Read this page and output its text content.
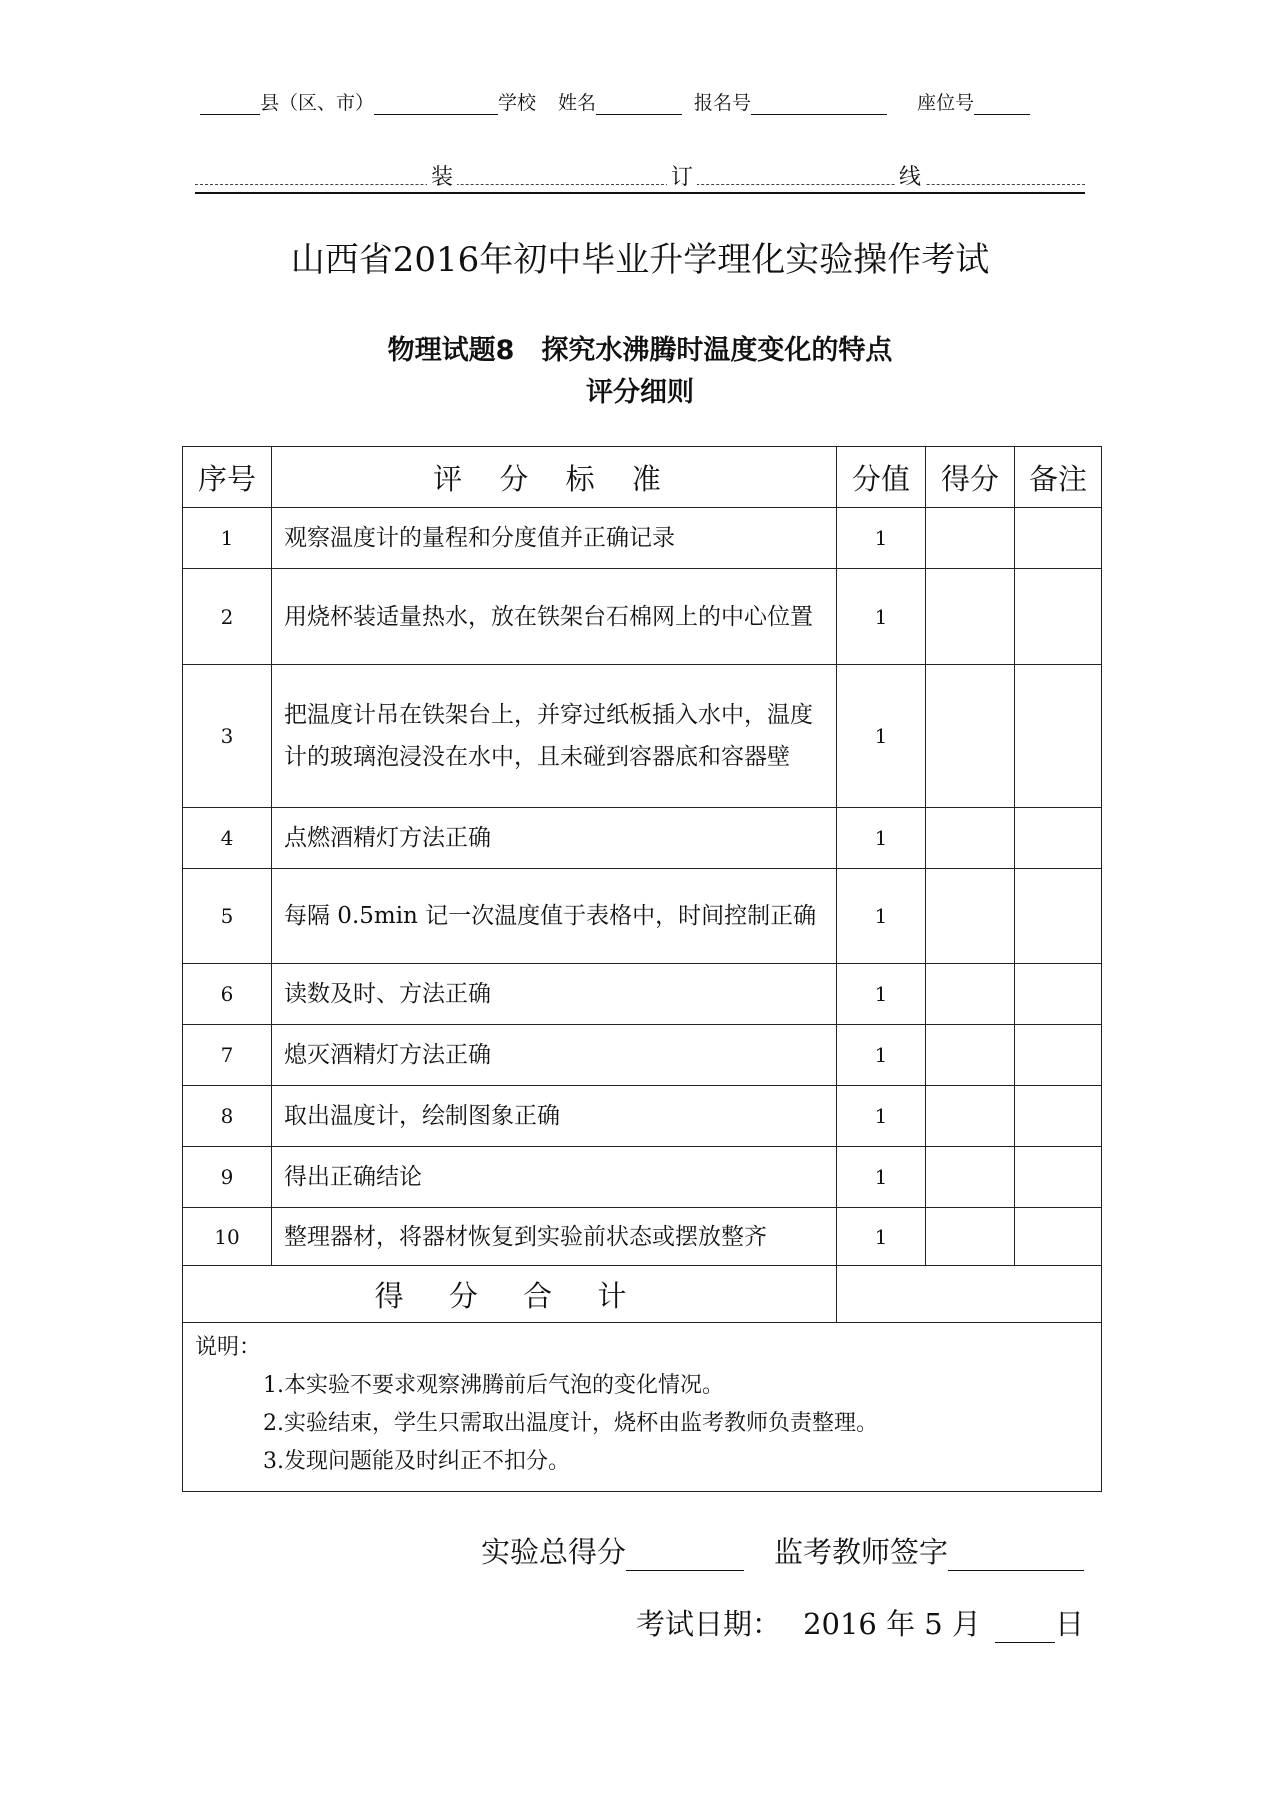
县（区、市）	学校 姓名	报名号	座位号
装	订	线
山西省2016年初中毕业升学理化实验操作考试
物理试题8　探究水沸腾时温度变化的特点
评分细则
序号	评 分 标 准	分值	得分	备注
1	观察温度计的量程和分度值并正确记录	1		
2	用烧杯装适量热水，放在铁架台石棉网上的中心位置	1		
3	把温度计吊在铁架台上，并穿过纸板插入水中，温度计的玻璃泡浸没在水中，且未碰到容器底和容器壁	1		
4	点燃酒精灯方法正确	1		
5	每隔 0.5min 记一次温度值于表格中，时间控制正确	1		
6	读数及时、方法正确	1		
7	熄灭酒精灯方法正确	1		
8	取出温度计，绘制图象正确	1		
9	得出正确结论	1		
10	整理器材，将器材恢复到实验前状态或摆放整齐	1		
得 分 合 计				

说明：
1.本实验不要求观察沸腾前后气泡的变化情况。
2.实验结束，学生只需取出温度计，烧杯由监考教师负责整理。
3.发现问题能及时纠正不扣分。				
实验总得分	监考教师签字
考试日期： 2016 年 5 月	日
